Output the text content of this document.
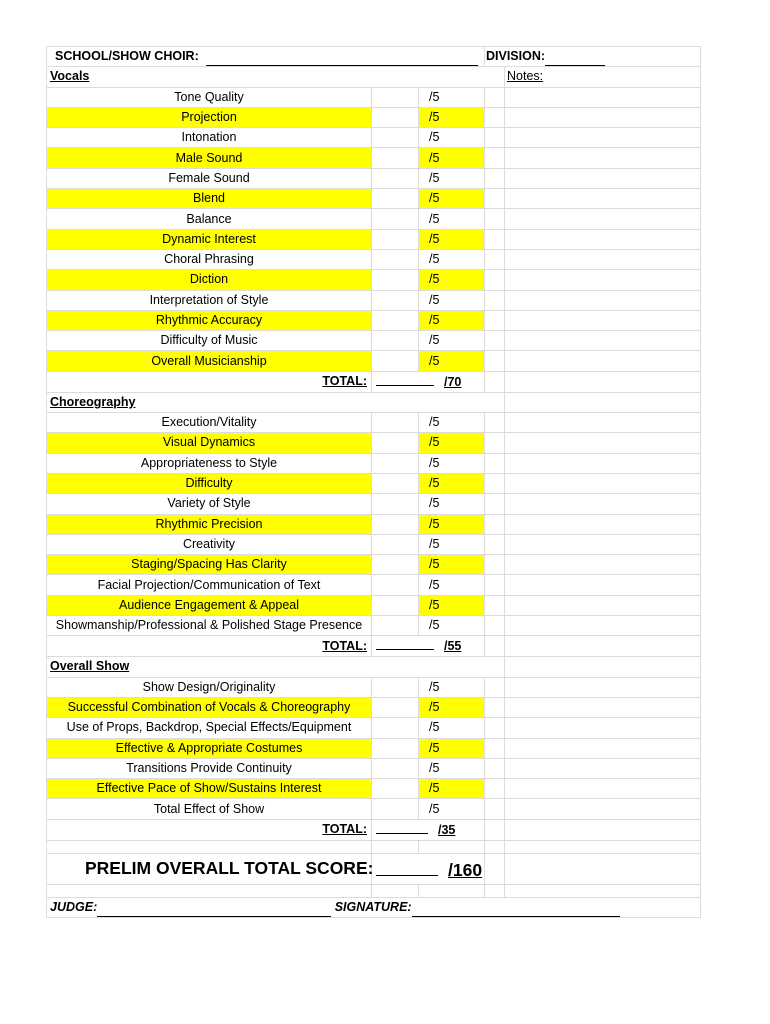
SCHOOL/SHOW CHOIR:			DIVISION:	
Vocals				Notes:
Tone Quality		/5		
Projection		/5		
Intonation		/5		
Male Sound		/5		
Female Sound		/5		
Blend		/5		
Balance		/5		
Dynamic Interest		/5		
Choral Phrasing		/5		
Diction		/5		
Interpretation of Style		/5		
Rhythmic Accuracy		/5		
Difficulty of Music		/5		
Overall Musicianship		/5		
TOTAL:	/70			
Choreography				
Execution/Vitality		/5		
Visual Dynamics		/5		
Appropriateness to Style		/5		
Difficulty		/5		
Variety of Style		/5		
Rhythmic Precision		/5		
Creativity		/5		
Staging/Spacing Has Clarity		/5		
Facial Projection/Communication of Text		/5		
Audience Engagement & Appeal		/5		
Showmanship/Professional & Polished Stage Presence		/5		
TOTAL:	/55			
Overall Show				
Show Design/Originality		/5		
Successful Combination of Vocals & Choreography		/5		
Use of Props, Backdrop, Special Effects/Equipment		/5		
Effective & Appropriate Costumes		/5		
Transitions Provide Continuity		/5		
Effective Pace of Show/Sustains Interest		/5		
Total Effect of Show		/5		
TOTAL:	/35			

PRELIM OVERALL TOTAL SCORE:	/160			

JUDGE: SIGNATURE:				
